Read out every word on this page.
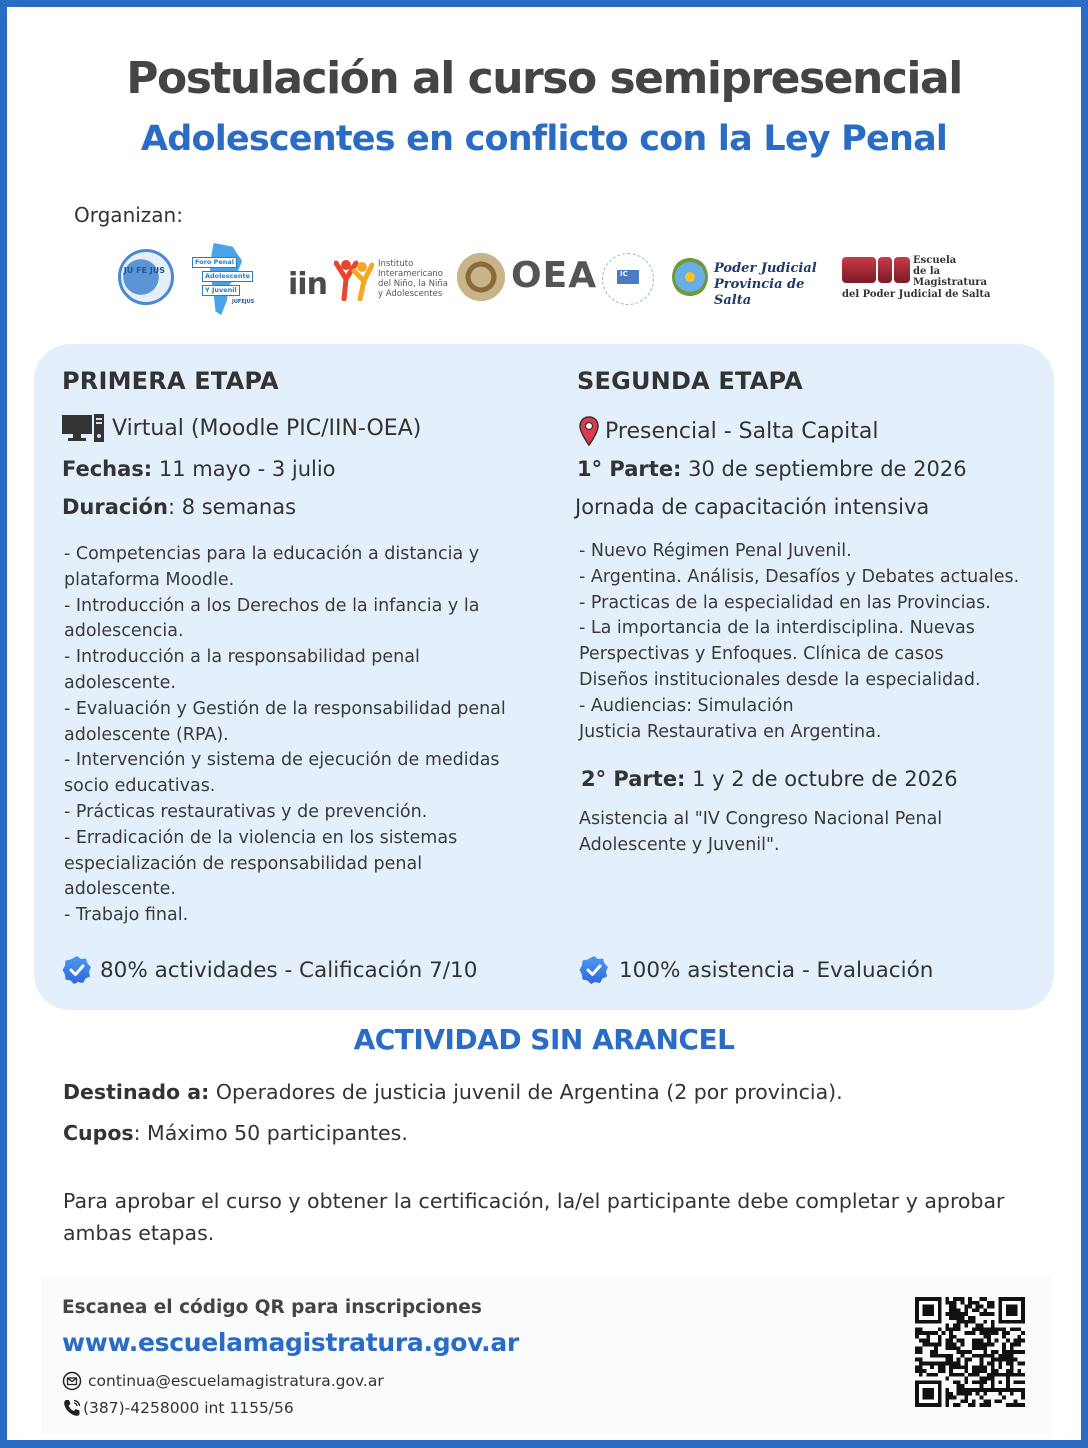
Postulación al curso semipresencial
Adolescentes en conflicto con la Ley Penal
Organizan:
JU FE JUS
Foro Penal
Adolescente
Y Juvenil
JUFEJUS iin
Instituto
Interamericano
del Niño, la Niña
y Adolescentes OEA	IC	Poder Judicial
Provincia de Salta
Escuela
de la
Magistratura
del Poder Judicial de Salta
PRIMERA ETAPA
Virtual (Moodle PIC/IIN-OEA)
Fechas: 11 mayo - 3 julio
Duración: 8 semanas
- Competencias para la educación a distancia y
plataforma Moodle.
- Introducción a los Derechos de la infancia y la
adolescencia.
- Introducción a la responsabilidad penal
adolescente.
- Evaluación y Gestión de la responsabilidad penal
adolescente (RPA).
- Intervención y sistema de ejecución de medidas
socio educativas.
- Prácticas restaurativas y de prevención.
- Erradicación de la violencia en los sistemas
especialización de responsabilidad penal
adolescente.
- Trabajo final.
80% actividades - Calificación 7/10
SEGUNDA ETAPA
Presencial - Salta Capital
1° Parte: 30 de septiembre de 2026
Jornada de capacitación intensiva
- Nuevo Régimen Penal Juvenil.
- Argentina. Análisis, Desafíos y Debates actuales.
- Practicas de la especialidad en las Provincias.
- La importancia de la interdisciplina. Nuevas
Perspectivas y Enfoques. Clínica de casos
Diseños institucionales desde la especialidad.
- Audiencias: Simulación
Justicia Restaurativa en Argentina.
2° Parte: 1 y 2 de octubre de 2026
Asistencia al "IV Congreso Nacional Penal
Adolescente y Juvenil".
100% asistencia - Evaluación
ACTIVIDAD SIN ARANCEL
Destinado a: Operadores de justicia juvenil de Argentina (2 por provincia).
Cupos: Máximo 50 participantes.
Para aprobar el curso y obtener la certificación, la/el participante debe completar y aprobar ambas etapas.
Escanea el código QR para inscripciones
www.escuelamagistratura.gov.ar
continua@escuelamagistratura.gov.ar
(387)-4258000 int 1155/56
